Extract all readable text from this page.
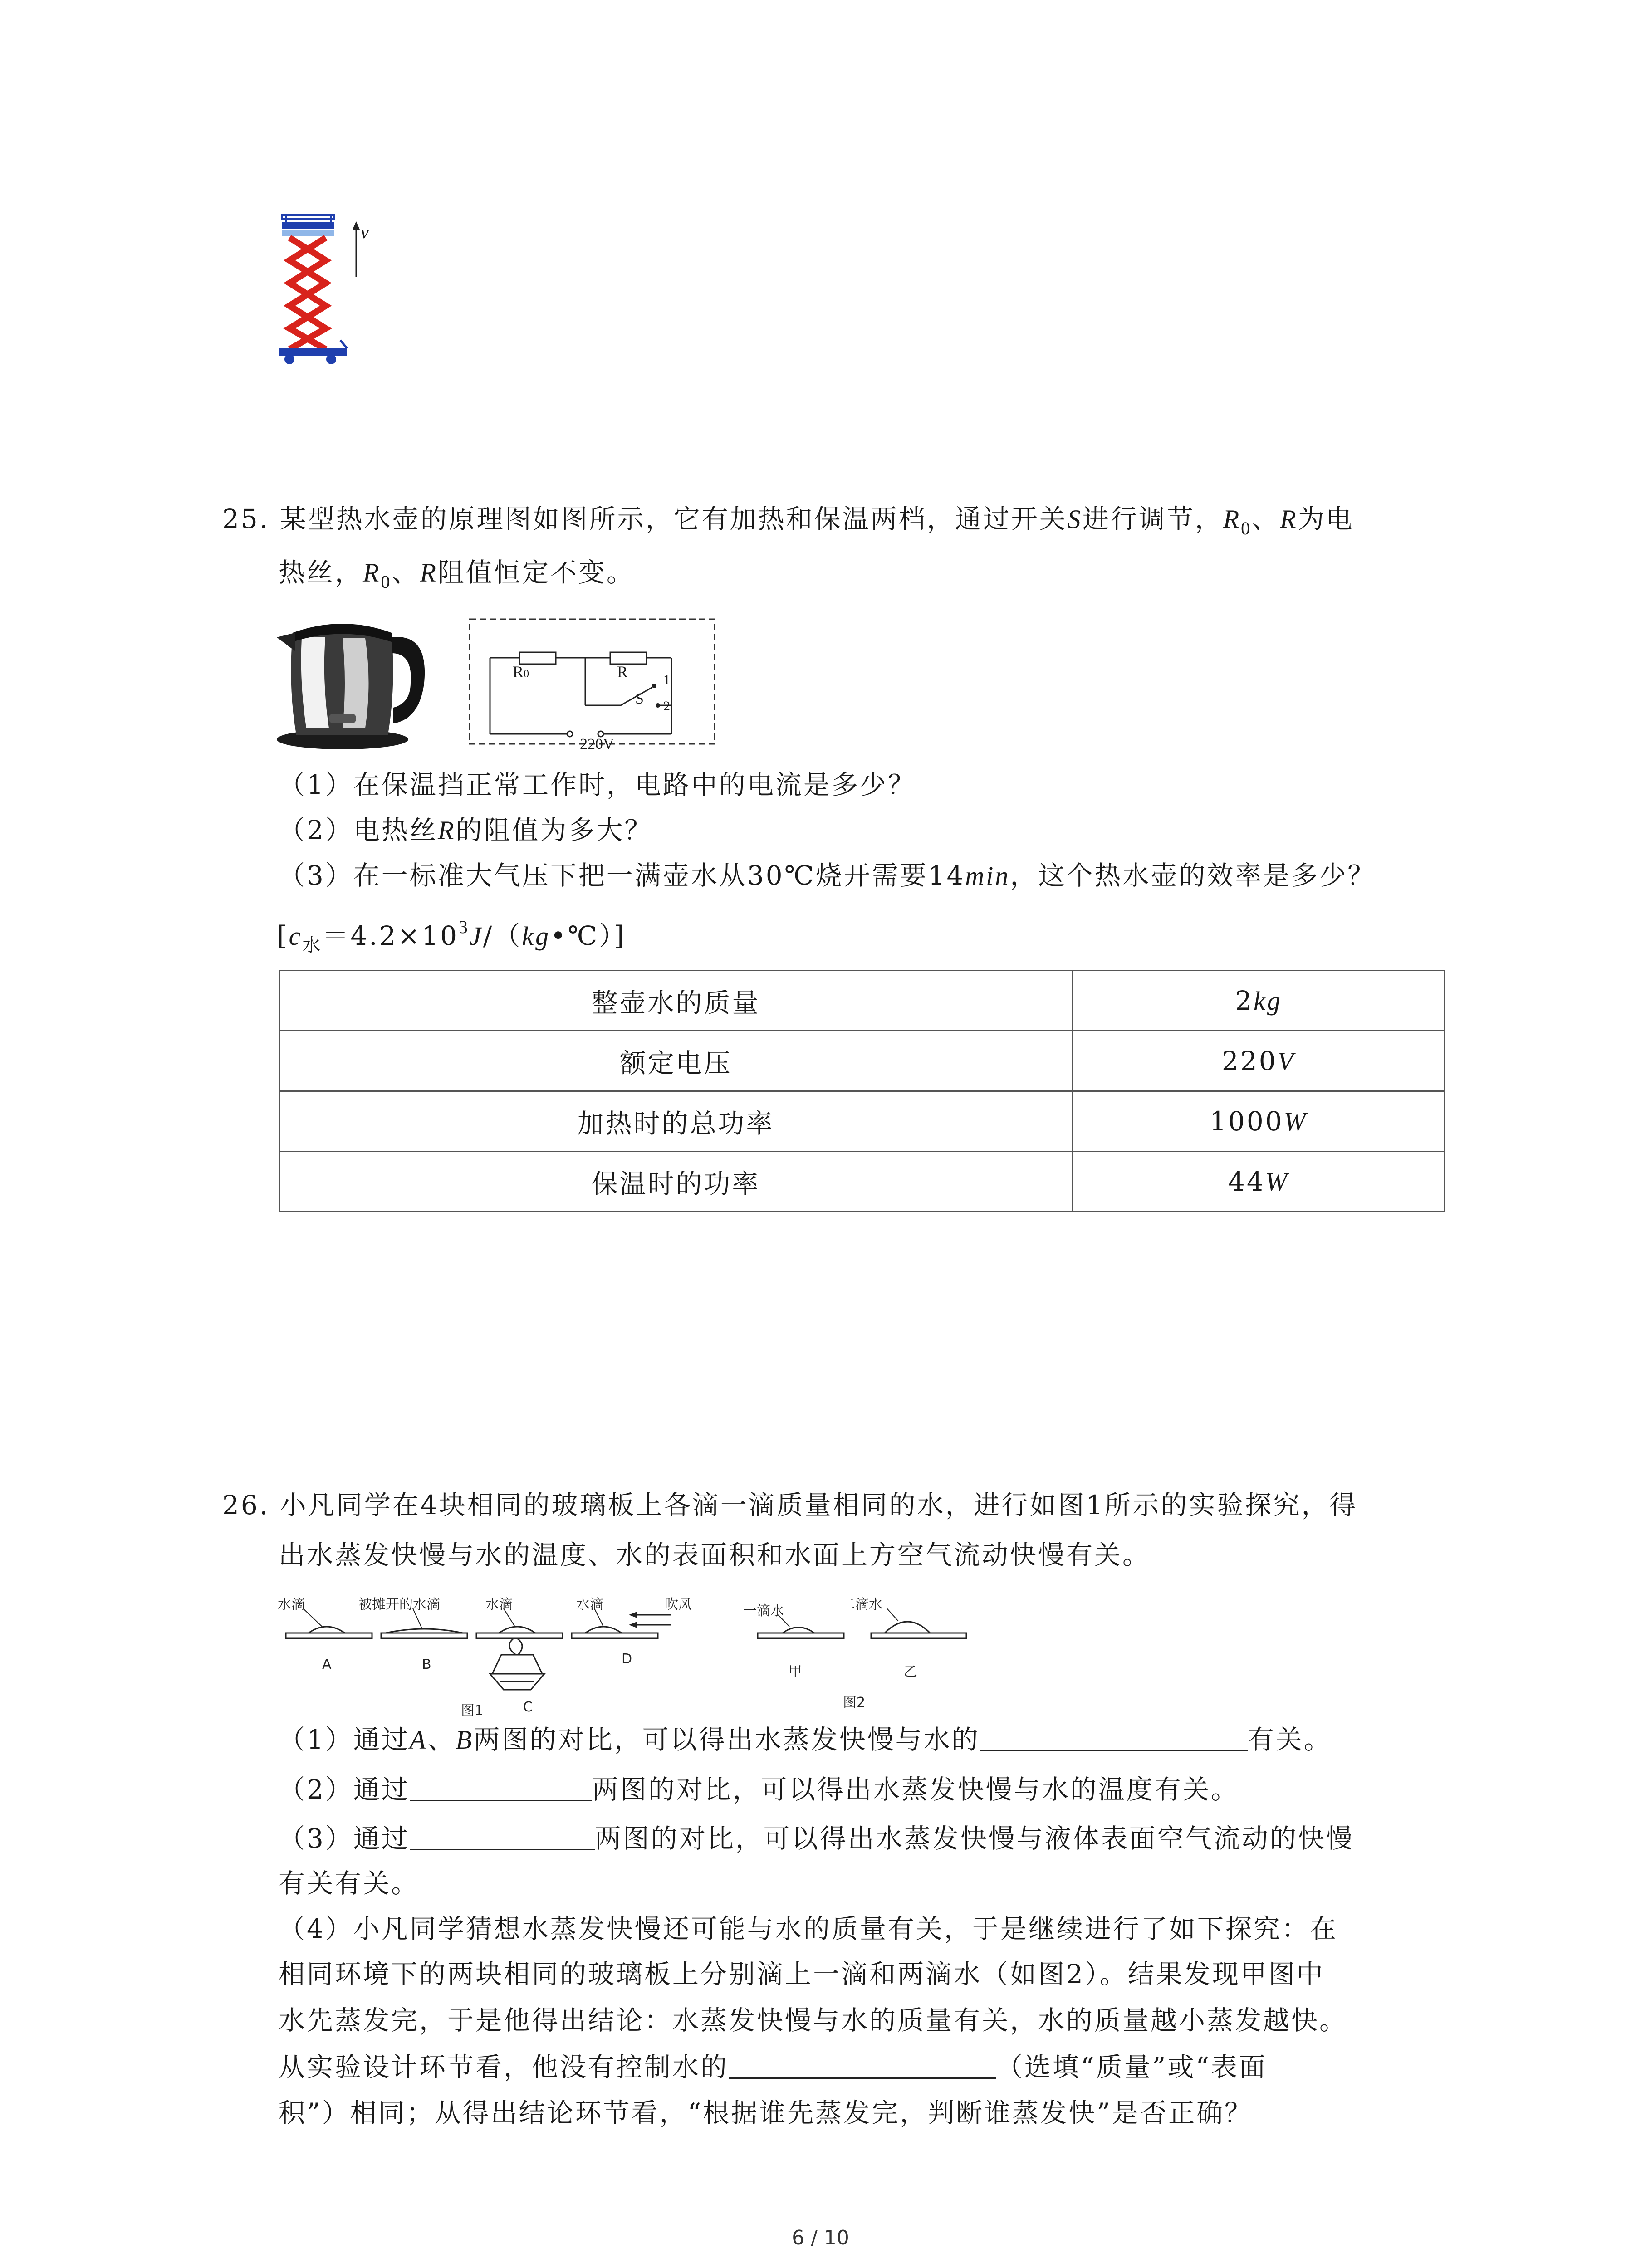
v
25. 某型热水壶的原理图如图所示，它有加热和保温两档，通过开关S进行调节，$R_0$、R为电
热丝，$R_0$、R阻值恒定不变。
R0	R
S
1
2
220V
（1）在保温挡正常工作时，电路中的电流是多少？
（2）电热丝R的阻值为多大？
（3）在一标准大气压下把一满壶水从30℃烧开需要14min，这个热水壶的效率是多少？
$[c_水=4.2\times 10^3J/(kg•℃)]$
整壶水的质量	2kg
额定电压	220V
加热时的总功率	1000W
保温时的功率	44W
26. 小凡同学在4块相同的玻璃板上各滴一滴质量相同的水，进行如图1所示的实验探究，得
出水蒸发快慢与水的温度、水的表面积和水面上方空气流动快慢有关。
水滴	被摊开的水滴	水滴	水滴	吹风	一滴水	二滴水
A	B	D
甲	乙
图1	C	图2
（1）通过A、B两图的对比，可以得出水蒸发快慢与水的	有关。
（2）通过	两图的对比，可以得出水蒸发快慢与水的温度有关。
（3）通过	两图的对比，可以得出水蒸发快慢与液体表面空气流动的快慢
有关有关。
（4）小凡同学猜想水蒸发快慢还可能与水的质量有关，于是继续进行了如下探究：在
相同环境下的两块相同的玻璃板上分别滴上一滴和两滴水（如图2）。结果发现甲图中
水先蒸发完，于是他得出结论：水蒸发快慢与水的质量有关，水的质量越小蒸发越快。
从实验设计环节看，他没有控制水的	（选填“质量”或“表面
积”）相同；从得出结论环节看，“根据谁先蒸发完，判断谁蒸发快”是否正确？
6 / 10
